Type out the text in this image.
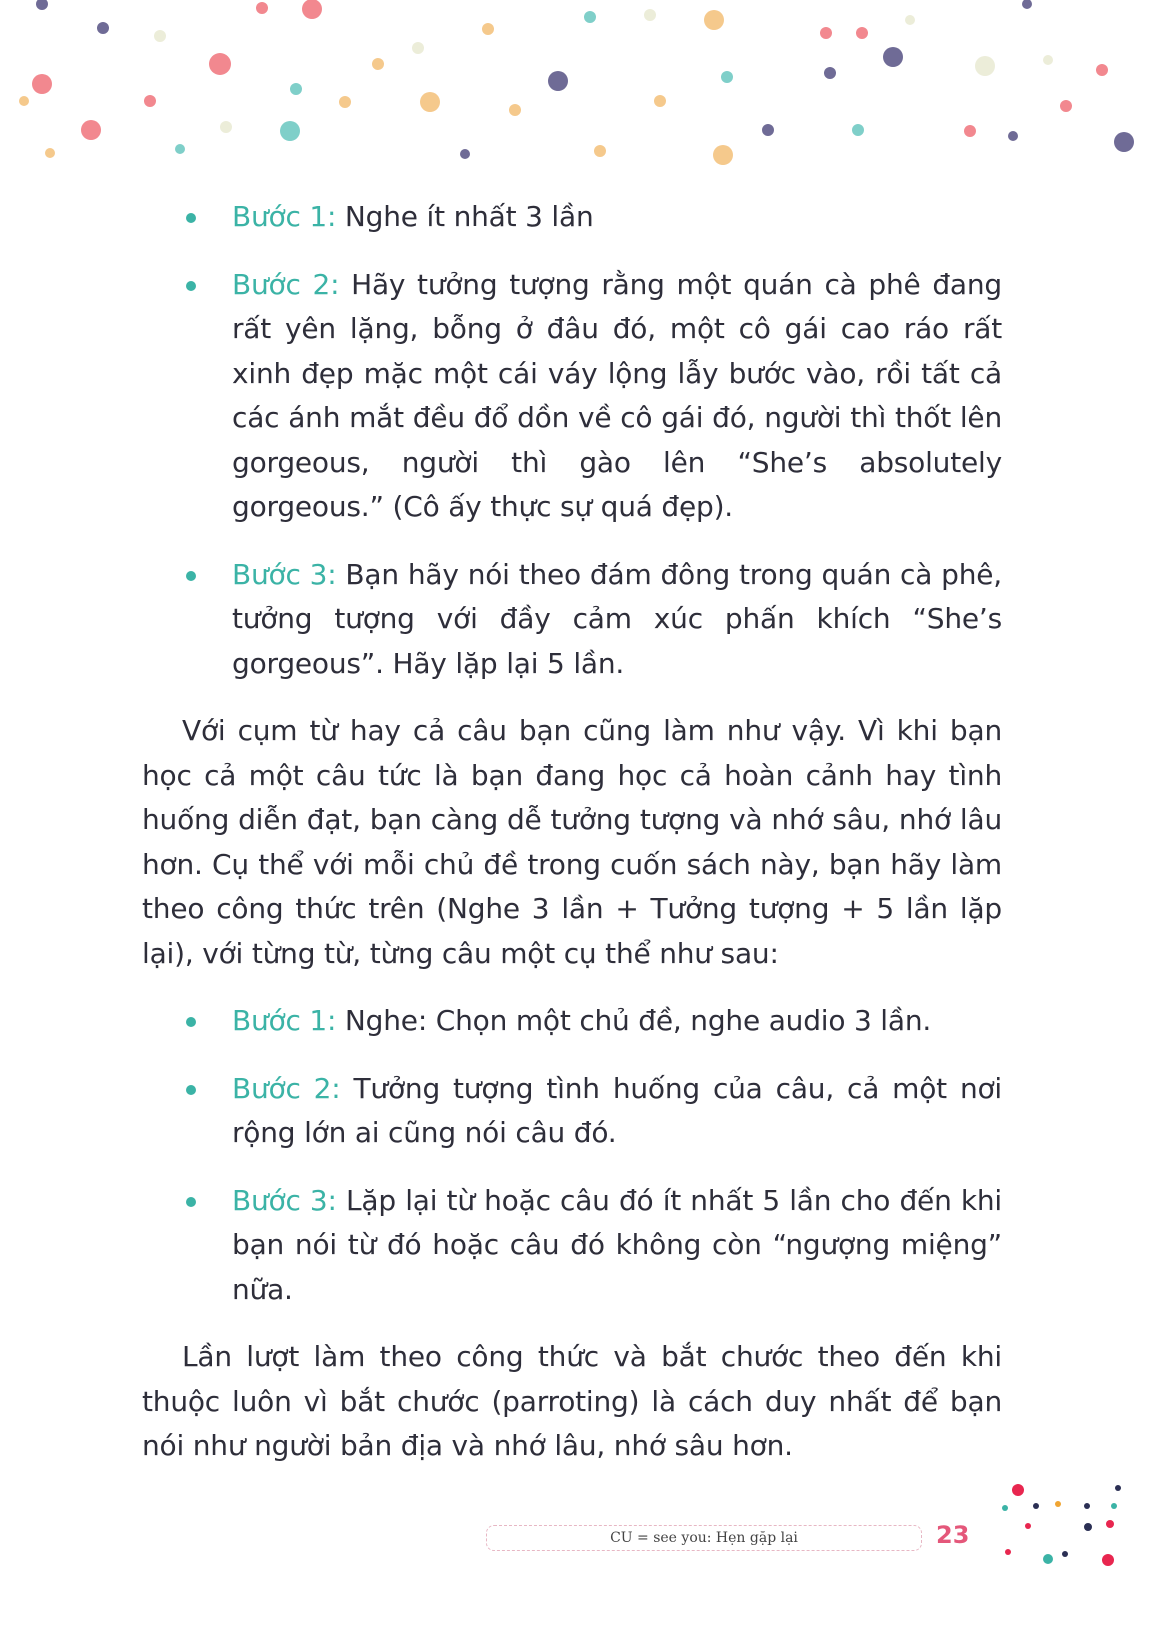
Bước 1: Nghe ít nhất 3 lần
Bước 2: Hãy tưởng tượng rằng một quán cà phê đang rất yên lặng, bỗng ở đâu đó, một cô gái cao ráo rất xinh đẹp mặc một cái váy lộng lẫy bước vào, rồi tất cả các ánh mắt đều đổ dồn về cô gái đó, người thì thốt lên gorgeous, người thì gào lên “She’s absolutely gorgeous.” (Cô ấy thực sự quá đẹp).
Bước 3: Bạn hãy nói theo đám đông trong quán cà phê, tưởng tượng với đầy cảm xúc phấn khích “She’s gorgeous”. Hãy lặp lại 5 lần.

Với cụm từ hay cả câu bạn cũng làm như vậy. Vì khi bạn học cả một câu tức là bạn đang học cả hoàn cảnh hay tình huống diễn đạt, bạn càng dễ tưởng tượng và nhớ sâu, nhớ lâu hơn. Cụ thể với mỗi chủ đề trong cuốn sách này, bạn hãy làm theo công thức trên (Nghe 3 lần + Tưởng tượng + 5 lần lặp lại), với từng từ, từng câu một cụ thể như sau:

Bước 1: Nghe: Chọn một chủ đề, nghe audio 3 lần.
Bước 2: Tưởng tượng tình huống của câu, cả một nơi rộng lớn ai cũng nói câu đó.
Bước 3: Lặp lại từ hoặc câu đó ít nhất 5 lần cho đến khi bạn nói từ đó hoặc câu đó không còn “ngượng miệng” nữa.

Lần lượt làm theo công thức và bắt chước theo đến khi thuộc luôn vì bắt chước (parroting) là cách duy nhất để bạn nói như người bản địa và nhớ lâu, nhớ sâu hơn.

CU = see you: Hẹn gặp lại	23
